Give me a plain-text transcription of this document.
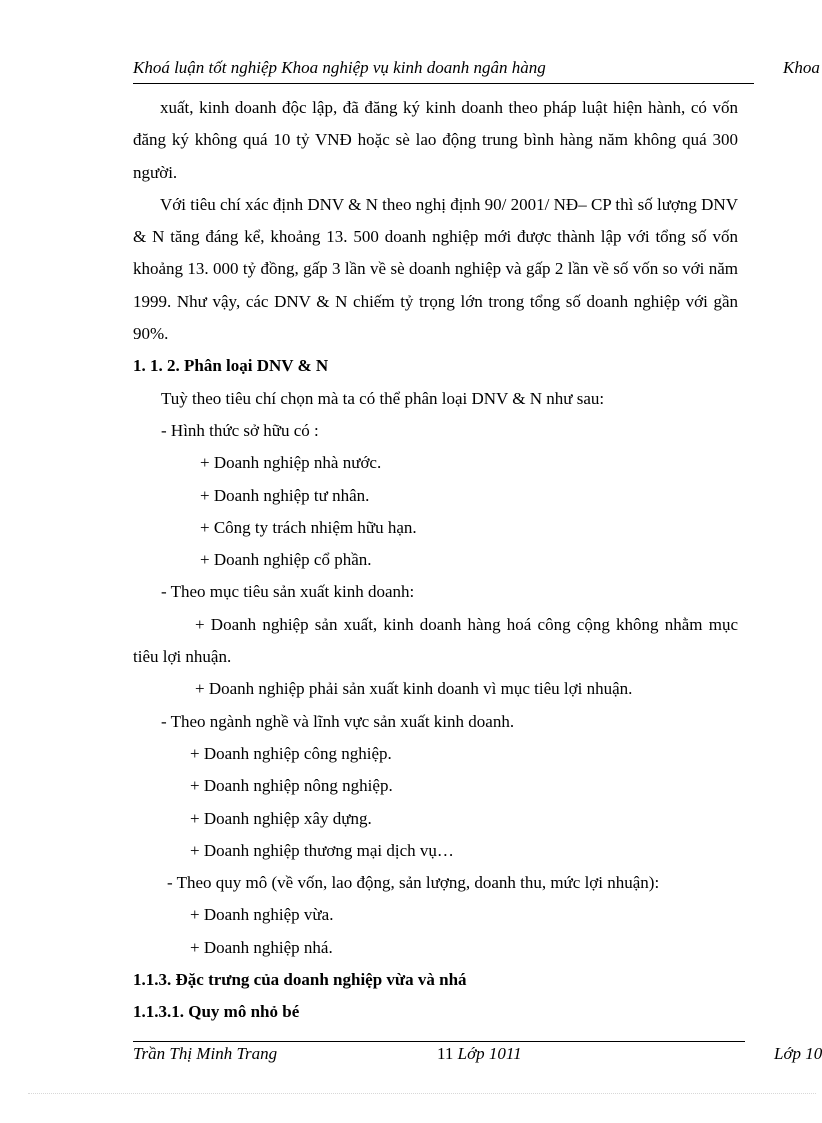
Khoá luận tốt nghiệp Khoa nghiệp vụ kinh doanh ngân hàng	Khoa

xuất, kinh doanh độc lập, đã đăng ký kinh doanh theo pháp luật hiện hành, có vốn đăng ký không quá 10 tỷ VNĐ hoặc sè lao động trung bình hàng năm không quá 300 người.

Với tiêu chí xác định DNV & N theo nghị định 90/ 2001/ NĐ– CP thì số lượng DNV & N tăng đáng kể, khoảng 13. 500 doanh nghiệp mới được thành lập với tổng số vốn khoảng 13. 000 tỷ đồng, gấp 3 lần về sè doanh nghiệp và gấp 2 lần về số vốn so với năm 1999. Như vậy, các DNV & N chiếm tỷ trọng lớn trong tổng số doanh nghiệp với gần 90%.

1. 1. 2. Phân loại DNV & N

Tuỳ theo tiêu chí chọn mà ta có thể phân loại DNV & N như sau:

- Hình thức sở hữu có :

+ Doanh nghiệp nhà nước.

+ Doanh nghiệp tư nhân.

+ Công ty trách nhiệm hữu hạn.

+ Doanh nghiệp cổ phần.

- Theo mục tiêu sản xuất kinh doanh:

+ Doanh nghiệp sản xuất, kinh doanh hàng hoá công cộng không nhằm mục tiêu lợi nhuận.

+ Doanh nghiệp phải sản xuất kinh doanh vì mục tiêu lợi nhuận.

- Theo ngành nghề và lĩnh vực sản xuất kinh doanh.

+ Doanh nghiệp công nghiệp.

+ Doanh nghiệp nông nghiệp.

+ Doanh nghiệp xây dựng.

+ Doanh nghiệp thương mại dịch vụ…

- Theo quy mô (về vốn, lao động, sản lượng, doanh thu, mức lợi nhuận):

+ Doanh nghiệp vừa.

+ Doanh nghiệp nhá.

1.1.3. Đặc trưng của doanh nghiệp vừa và nhá

1.1.3.1. Quy mô nhỏ bé

Trần Thị Minh Trang	11 Lớp 1011	Lớp 10
